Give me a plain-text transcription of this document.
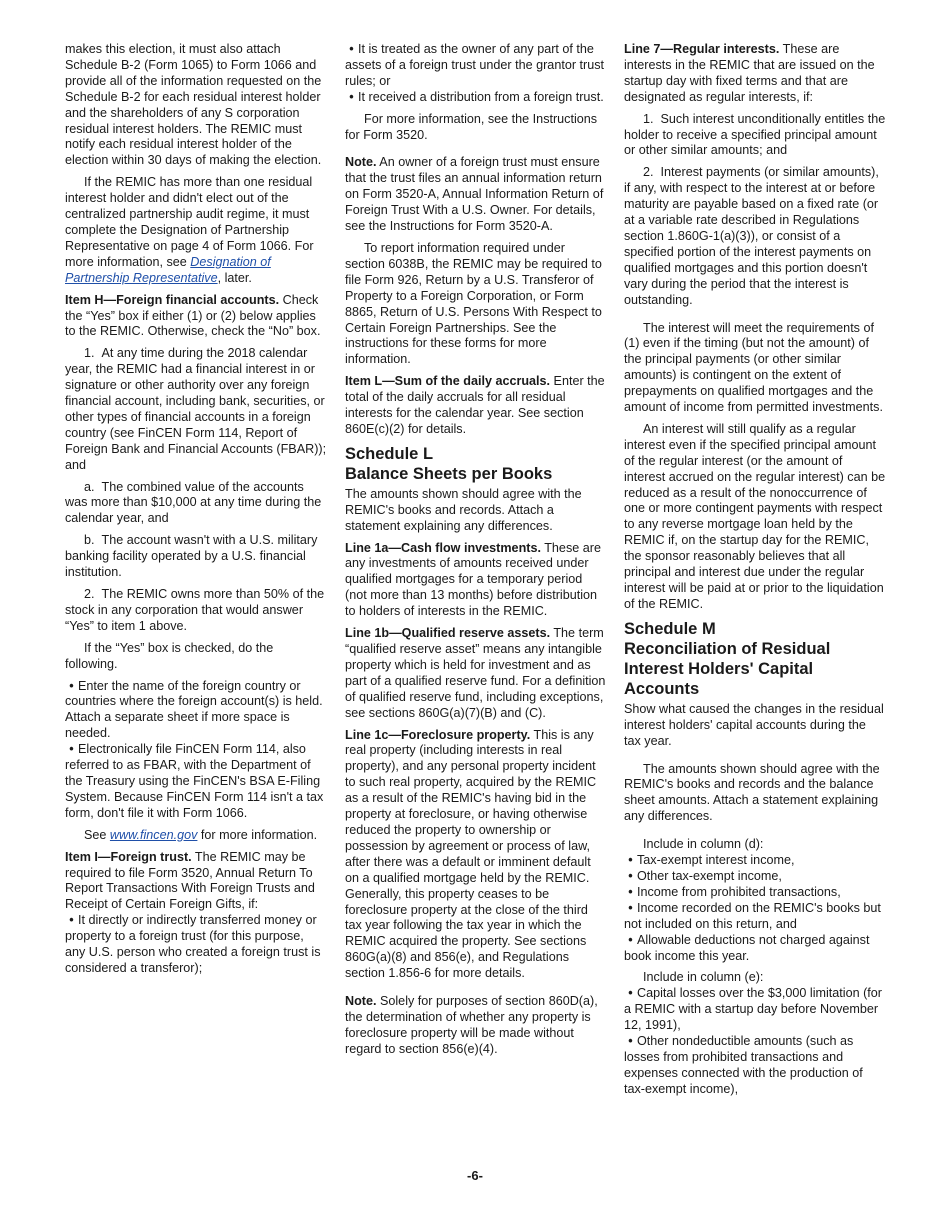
makes this election, it must also attach Schedule B-2 (Form 1065) to Form 1066 and provide all of the information requested on the Schedule B-2 for each residual interest holder and the shareholders of any S corporation residual interest holders. The REMIC must notify each residual interest holder of the election within 30 days of making the election.

If the REMIC has more than one residual interest holder and didn't elect out of the centralized partnership audit regime, it must complete the Designation of Partnership Representative on page 4 of Form 1066. For more information, see Designation of Partnership Representative, later.

Item H—Foreign financial accounts. Check the “Yes” box if either (1) or (2) below applies to the REMIC. Otherwise, check the “No” box.

1.  At any time during the 2018 calendar year, the REMIC had a financial interest in or signature or other authority over any foreign financial account, including bank, securities, or other types of financial accounts in a foreign country (see FinCEN Form 114, Report of Foreign Bank and Financial Accounts (FBAR)); and

a.  The combined value of the accounts was more than $10,000 at any time during the calendar year, and

b.  The account wasn't with a U.S. military banking facility operated by a U.S. financial institution.

2.  The REMIC owns more than 50% of the stock in any corporation that would answer “Yes” to item 1 above.

If the “Yes” box is checked, do the following.

• Enter the name of the foreign country or countries where the foreign account(s) is held. Attach a separate sheet if more space is needed.

• Electronically file FinCEN Form 114, also referred to as FBAR, with the Department of the Treasury using the FinCEN's BSA E-Filing System. Because FinCEN Form 114 isn't a tax form, don't file it with Form 1066.

See www.fincen.gov for more information.

Item I—Foreign trust. The REMIC may be required to file Form 3520, Annual Return To Report Transactions With Foreign Trusts and Receipt of Certain Foreign Gifts, if:

• It directly or indirectly transferred money or property to a foreign trust (for this purpose, any U.S. person who created a foreign trust is considered a transferor);

• It is treated as the owner of any part of the assets of a foreign trust under the grantor trust rules; or

• It received a distribution from a foreign trust.

For more information, see the Instructions for Form 3520.

Note. An owner of a foreign trust must ensure that the trust files an annual information return on Form 3520-A, Annual Information Return of Foreign Trust With a U.S. Owner. For details, see the Instructions for Form 3520-A.

To report information required under section 6038B, the REMIC may be required to file Form 926, Return by a U.S. Transferor of Property to a Foreign Corporation, or Form 8865, Return of U.S. Persons With Respect to Certain Foreign Partnerships. See the instructions for these forms for more information.

Item L—Sum of the daily accruals. Enter the total of the daily accruals for all residual interests for the calendar year. See section 860E(c)(2) for details.

Schedule L
Balance Sheets per Books

The amounts shown should agree with the REMIC's books and records. Attach a statement explaining any differences.

Line 1a—Cash flow investments. These are any investments of amounts received under qualified mortgages for a temporary period (not more than 13 months) before distribution to holders of interests in the REMIC.

Line 1b—Qualified reserve assets. The term “qualified reserve asset” means any intangible property which is held for investment and as part of a qualified reserve fund. For a definition of qualified reserve fund, including exceptions, see sections 860G(a)(7)(B) and (C).

Line 1c—Foreclosure property. This is any real property (including interests in real property), and any personal property incident to such real property, acquired by the REMIC as a result of the REMIC's having bid in the property at foreclosure, or having otherwise reduced the property to ownership or possession by agreement or process of law, after there was a default or imminent default on a qualified mortgage held by the REMIC. Generally, this property ceases to be foreclosure property at the close of the third tax year following the tax year in which the REMIC acquired the property. See sections 860G(a)(8) and 856(e), and Regulations section 1.856-6 for more details.

Note. Solely for purposes of section 860D(a), the determination of whether any property is foreclosure property will be made without regard to section 856(e)(4).

Line 7—Regular interests. These are interests in the REMIC that are issued on the startup day with fixed terms and that are designated as regular interests, if:

1.  Such interest unconditionally entitles the holder to receive a specified principal amount or other similar amounts; and

2.  Interest payments (or similar amounts), if any, with respect to the interest at or before maturity are payable based on a fixed rate (or at a variable rate described in Regulations section 1.860G-1(a)(3)), or consist of a specified portion of the interest payments on qualified mortgages and this portion doesn't vary during the period that the interest is outstanding.

The interest will meet the requirements of (1) even if the timing (but not the amount) of the principal payments (or other similar amounts) is contingent on the extent of prepayments on qualified mortgages and the amount of income from permitted investments.

An interest will still qualify as a regular interest even if the specified principal amount of the regular interest (or the amount of interest accrued on the regular interest) can be reduced as a result of the nonoccurrence of one or more contingent payments with respect to any reverse mortgage loan held by the REMIC if, on the startup day for the REMIC, the sponsor reasonably believes that all principal and interest due under the regular interest will be paid at or prior to the liquidation of the REMIC.

Schedule M
Reconciliation of Residual Interest Holders' Capital Accounts

Show what caused the changes in the residual interest holders' capital accounts during the tax year.

The amounts shown should agree with the REMIC's books and records and the balance sheet amounts. Attach a statement explaining any differences.

Include in column (d):

• Tax-exempt interest income,

• Other tax-exempt income,

• Income from prohibited transactions,

• Income recorded on the REMIC's books but not included on this return, and

• Allowable deductions not charged against book income this year.

Include in column (e):

• Capital losses over the $3,000 limitation (for a REMIC with a startup day before November 12, 1991),

• Other nondeductible amounts (such as losses from prohibited transactions and expenses connected with the production of tax-exempt income),

-6-
